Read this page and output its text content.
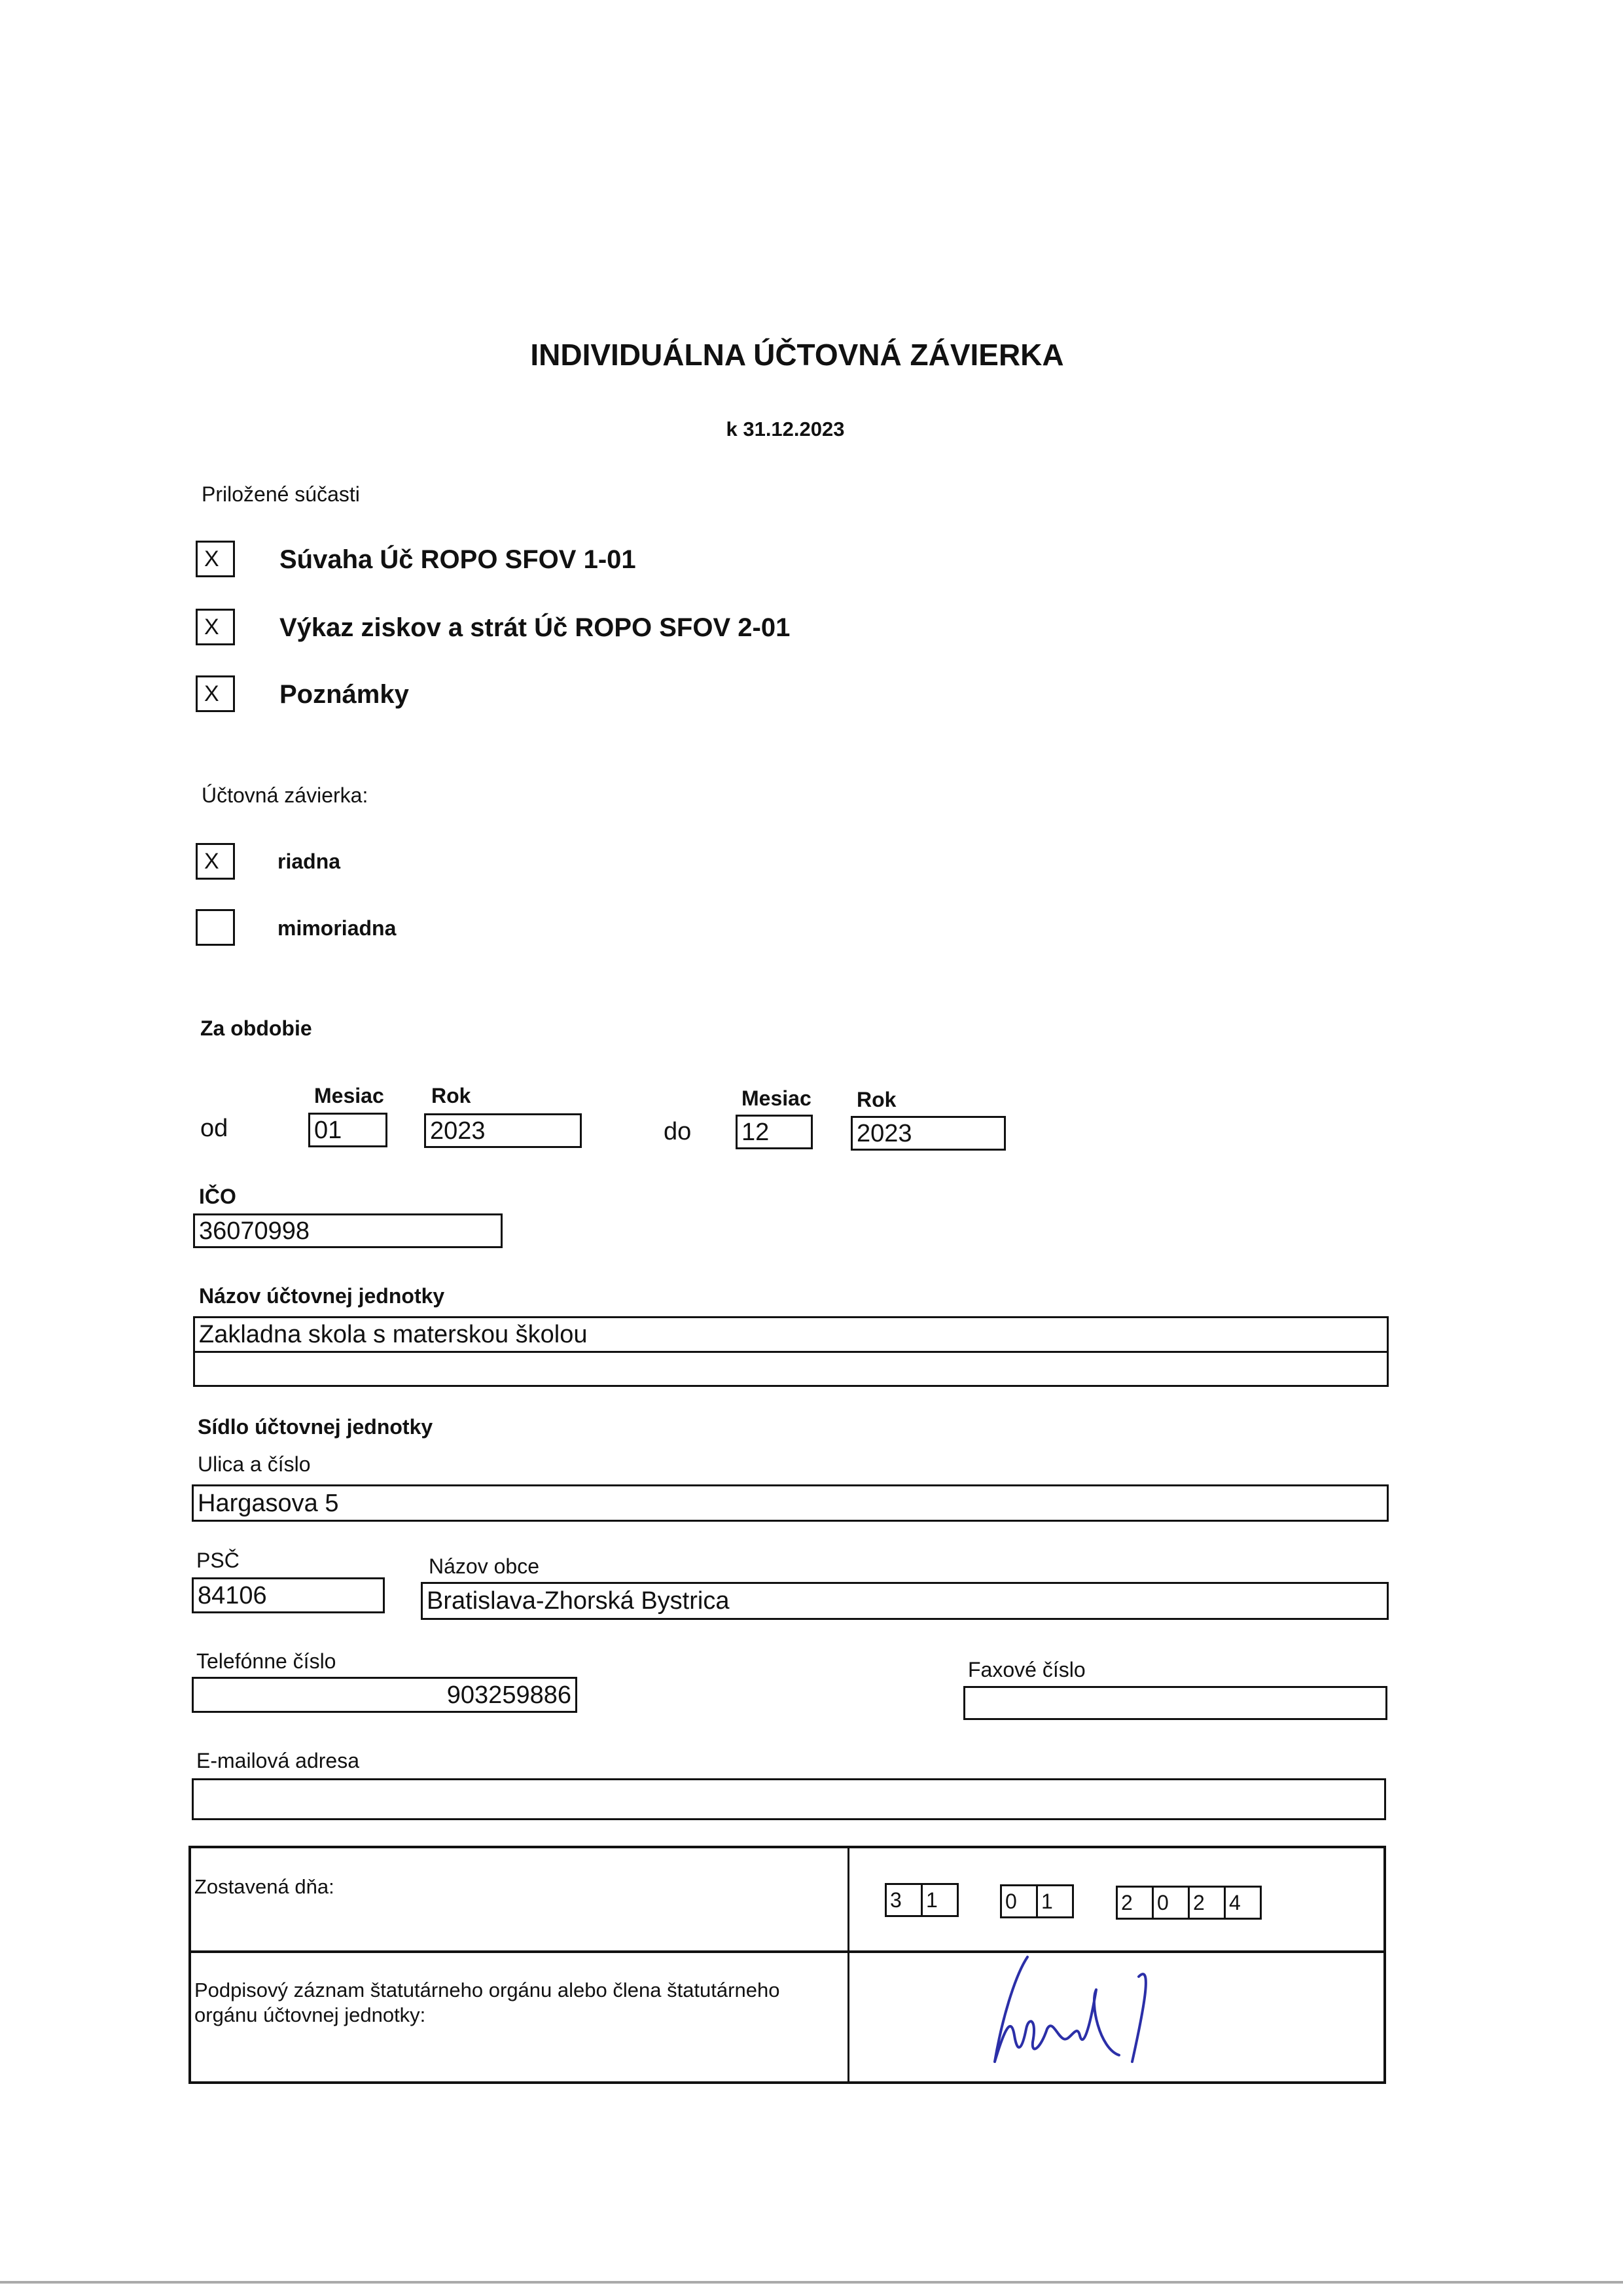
INDIVIDUÁLNA ÚČTOVNÁ ZÁVIERKA
k 31.12.2023
Priložené súčasti
X	Súvaha Úč ROPO SFOV 1-01
X	Výkaz ziskov a strát Úč ROPO SFOV 2-01
X	Poznámky
Účtovná závierka:
X	riadna
mimoriadna
Za obdobie
Mesiac Rok	Mesiac Rok
od	01	2023	do 12	2023
IČO
36070998
Názov účtovnej jednotky
Zakladna skola s materskou školou
Sídlo účtovnej jednotky
Ulica a číslo
Hargasova 5
PSČ	Názov obce
84106	Bratislava-Zhorská Bystrica
Telefónne číslo
903259886
Faxové číslo
E-mailová adresa
Zostavená dňa:
3	1	0	1	2	0	2	4
Podpisový záznam štatutárneho orgánu alebo člena štatutárneho orgánu účtovnej jednotky:
